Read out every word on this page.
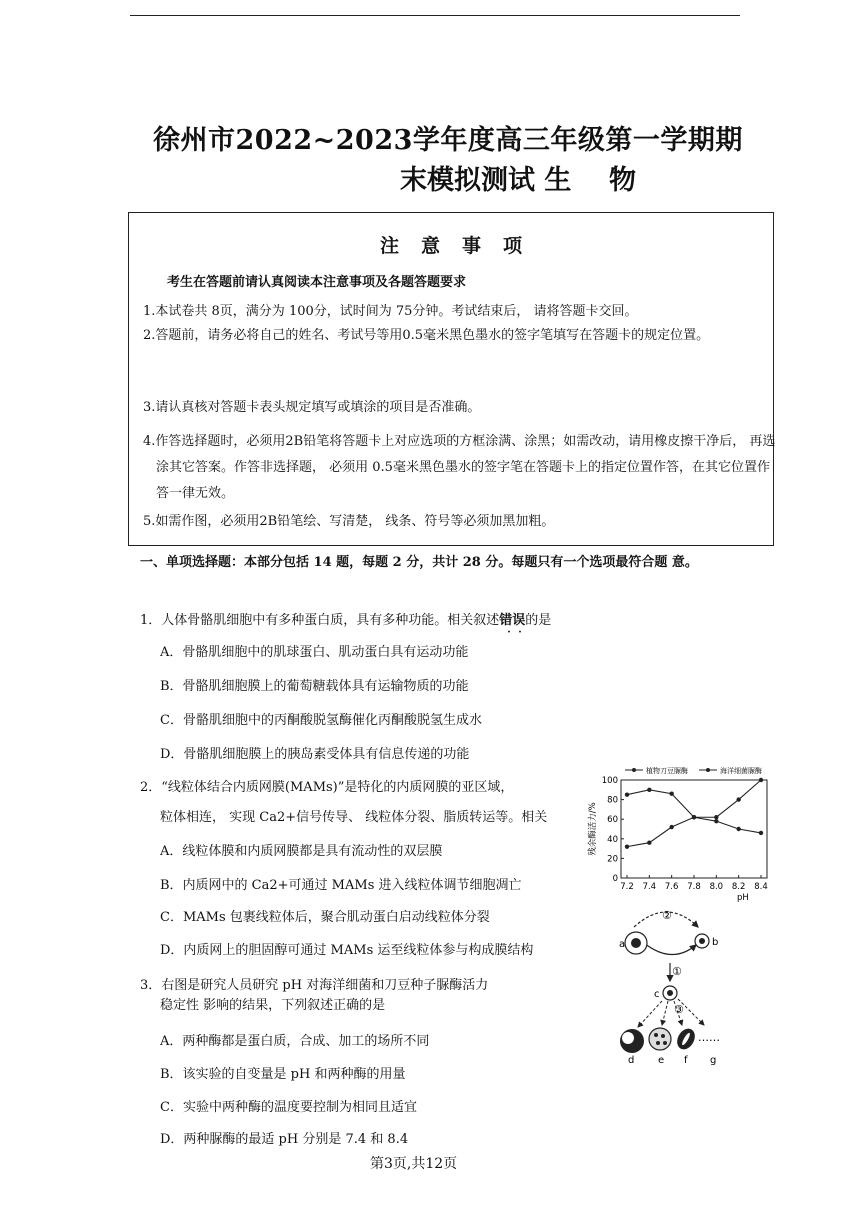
徐州市2022~2023学年度高三年级第一学期期
末模拟测试 生    物
注意事项
考生在答题前请认真阅读本注意事项及各题答题要求
1.本试卷共 8页，满分为 100分，试时间为 75分钟。考试结束后， 请将答题卡交回。
2.答题前，请务必将自己的姓名、考试号等用0.5毫米黑色墨水的签字笔填写在答题卡的规定位置。
3.请认真核对答题卡表头规定填写或填涂的项目是否准确。
4.作答选择题时，必须用2B铅笔将答题卡上对应选项的方框涂满、涂黑；如需改动，请用橡皮擦干净后， 再选涂其它答案。作答非选择题， 必须用 0.5毫米黑色墨水的签字笔在答题卡上的指定位置作答，在其它位置作答一律无效。
5.如需作图，必须用2B铅笔绘、写清楚， 线条、符号等必须加黑加粗。
一、单项选择题：本部分包括 14 题，每题 2 分，共计 28 分。每题只有一个选项最符合题 意。
1．人体骨骼肌细胞中有多种蛋白质，具有多种功能。相关叙述错误 · ·的是
A．骨骼肌细胞中的肌球蛋白、肌动蛋白具有运动功能
B．骨骼肌细胞膜上的葡萄糖载体具有运输物质的功能
C．骨骼肌细胞中的丙酮酸脱氢酶催化丙酮酸脱氢生成水
D．骨骼肌细胞膜上的胰岛素受体具有信息传递的功能
2．“线粒体结合内质网膜(MAMs)”是特化的内质网膜的亚区域，
粒体相连， 实现 Ca2+信号传导、 线粒体分裂、脂质转运等。相关
A．线粒体膜和内质网膜都是具有流动性的双层膜
B．内质网中的 Ca2+可通过 MAMs 进入线粒体调节细胞凋亡
C．MAMs 包裹线粒体后，聚合肌动蛋白启动线粒体分裂
D．内质网上的胆固醇可通过 MAMs 运至线粒体参与构成膜结构
3．右图是研究人员研究 pH 对海洋细菌和刀豆种子脲酶活力
稳定性 影响的结果，下列叙述正确的是
A．两种酶都是蛋白质，合成、加工的场所不同
B．该实验的自变量是 pH 和两种酶的用量
C．实验中两种酶的温度要控制为相同且适宜
D．两种脲酶的最适 pH 分别是 7.4 和 8.4
0
20
40
60
80
100
7.2 7.4 7.6 7.8 8.0 8.2 8.4
pH
残余酶活力/%
植物刀豆脲酶	海洋细菌脲酶
a	b
c
d e f g
①
②
③
……
第3页,共12页
